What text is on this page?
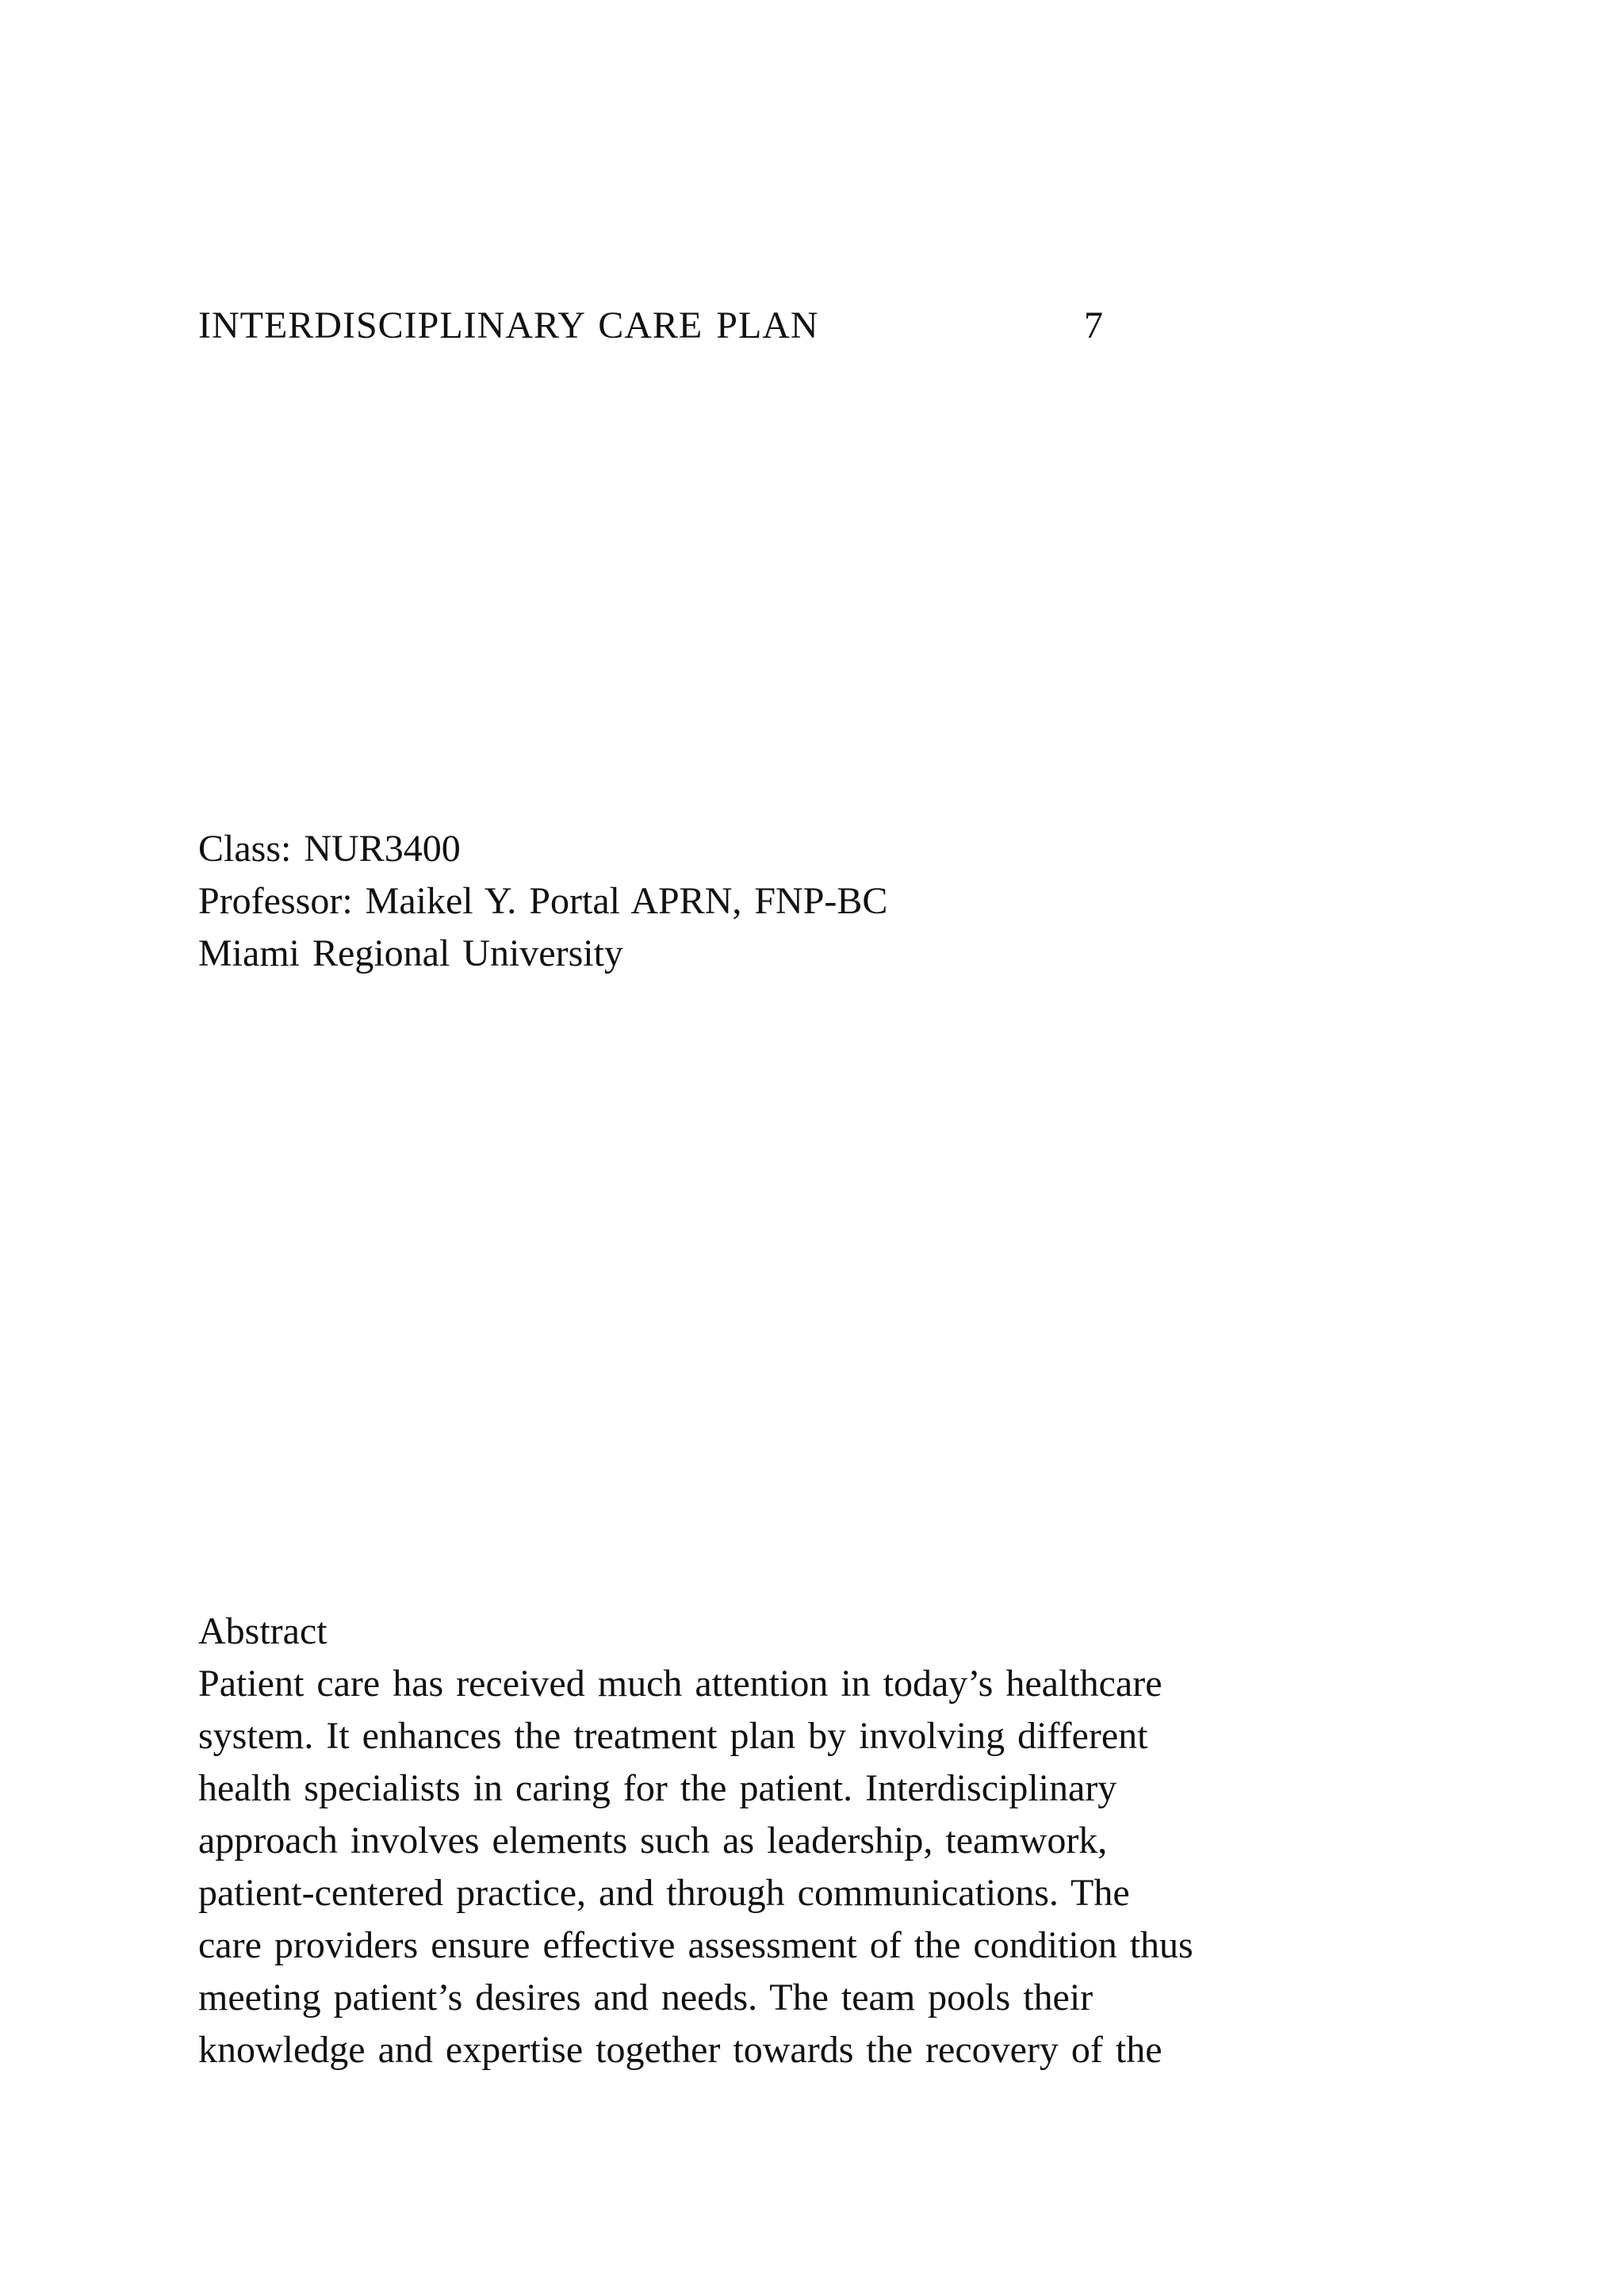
INTERDISCIPLINARY CARE PLAN	7
Class: NUR3400
Professor: Maikel Y. Portal APRN, FNP-BC
Miami Regional University
Abstract
Patient care has received much attention in today’s healthcare
system. It enhances the treatment plan by involving different
health specialists in caring for the patient. Interdisciplinary
approach involves elements such as leadership, teamwork,
patient-centered practice, and through communications. The
care providers ensure effective assessment of the condition thus
meeting patient’s desires and needs. The team pools their
knowledge and expertise together towards the recovery of the
